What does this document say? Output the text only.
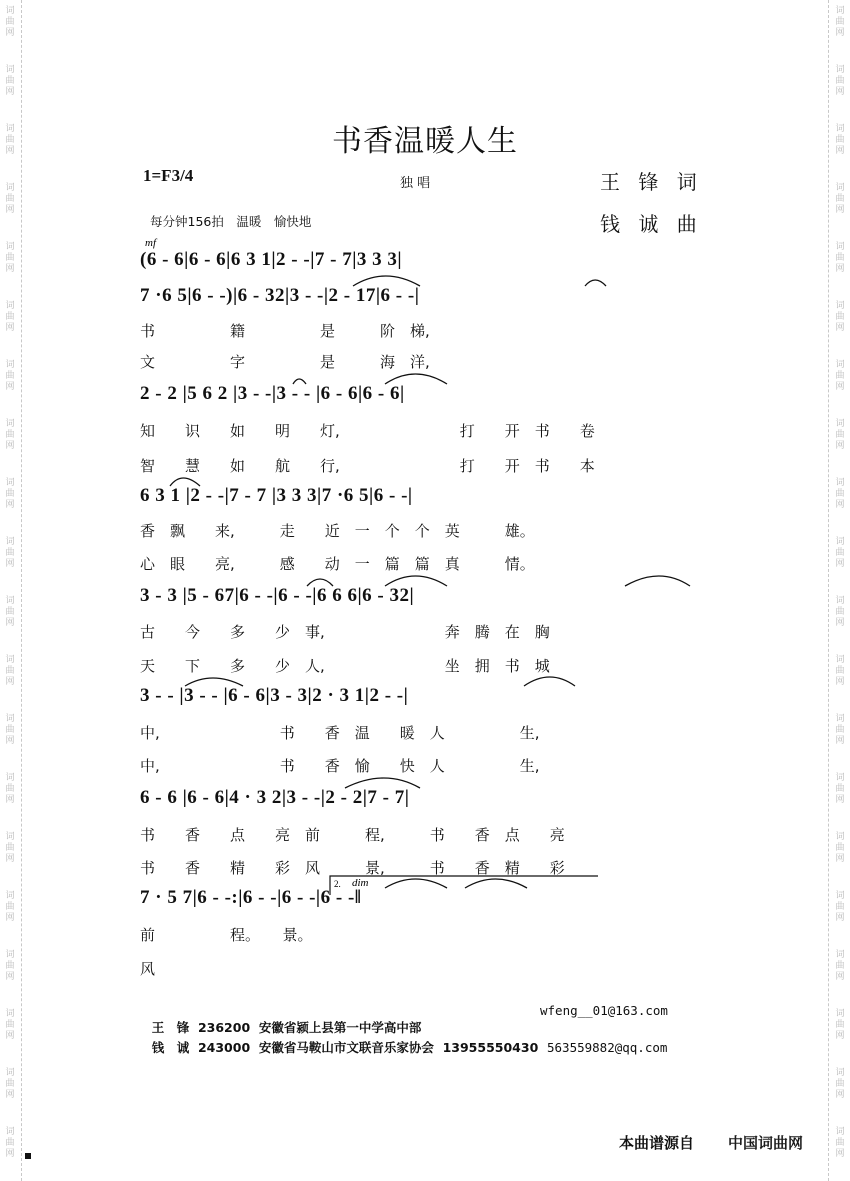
词
曲
网
词
曲
网
词
曲
网
词
曲
网
词
曲
网
词
曲
网
词
曲
网
词
曲
网
词
曲
网
词
曲
网
词
曲
网
词
曲
网
词
曲
网
词
曲
网
词
曲
网
词
曲
网
词
曲
网
词
曲
网
词
曲
网
词
曲
网
词
曲
网
词
曲
网
词
曲
网
词
曲
网
词
曲
网
词
曲
网
词
曲
网
词
曲
网
词
曲
网
词
曲
网
词
曲
网
词
曲
网
词
曲
网
词
曲
网
词
曲
网
词
曲
网
词
曲
网
词
曲
网
词
曲
网
词
曲
网
书香温暖人生
1=F3/4	独 唱	王 锋 词
钱 诚 曲
每分钟156拍　温暖　愉快地
(6 - 6|6 - 6|6 3 1|2 - -|7 - 7|3 3 3|
7 ·6 5|6 - -)|6 - 32|3 - -|2 - 17|6 - -|
书　　　　　籍　　　　　是　　　阶　梯,
文　　　　　字　　　　　是　　　海　洋,
2 - 2 |5 6 2 |3 - -|3 - - |6 - 6|6 - 6|
知　　识　　如　　明　　灯,　　　　　　　　打　　开　书　　卷
智　　慧　　如　　航　　行,　　　　　　　　打　　开　书　　本
6 3 1 |2 - -|7 - 7 |3 3 3|7 ·6 5|6 - -|
香　飘　　来,　　　走　　近　一　个　个　英　　　雄。
心　眼　　亮,　　　感　　动　一　篇　篇　真　　　情。
3 - 3 |5 - 67|6 - -|6 - -|6 6 6|6 - 32|
古　　今　　多　　少　事,　　　　　　　　奔　腾　在　胸
天　　下　　多　　少　人,　　　　　　　　坐　拥　书　城
3 - - |3 - - |6 - 6|3 - 3|2 · 3 1|2 - -|
中,　　　　　　　　书　　香　温　　暖　人　　　　　生,
中,　　　　　　　　书　　香　愉　　快　人　　　　　生,
6 - 6 |6 - 6|4 · 3 2|3 - -|2 - 2|7 - 7|
书　　香　　点　　亮　前　　　程,　　　书　　香　点　　亮
书　　香　　精　　彩　风　　　景,　　　书　　香　精　　彩
7 · 5 7|6 - -:|6 - -|6 - -|6 - -‖
前　　　　　程。　　景。
风
mf
2. dim

王　锋 236200 安徽省颍上县第一中学高中部

wfeng__01@163.com

钱　诚 243000 安徽省马鞍山市文联音乐家协会 13955550430 563559882@qq.com

本曲谱源自 中国词曲网
